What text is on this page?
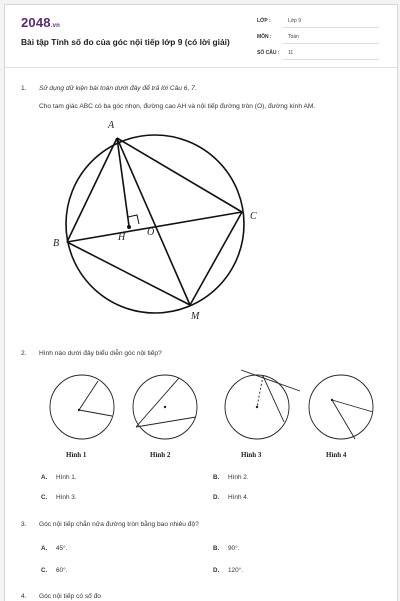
2048.vn
Bài tập Tính số đo của góc nội tiếp lớp 9 (có lời giải)
LỚP :	Lớp 9
MÔN :	Toán
SỐ CÂU : 11
1. Sử dụng dữ kiện bài toán dưới đây để trả lời Câu 6, 7.
Cho tam giác ABC có ba góc nhọn, đường cao AH và nội tiếp đường tròn (O), đường kính AM.
A
B
C
H O
M
2. Hình nào dưới đây biểu diễn góc nội tiếp?
Hình 1	Hình 2	Hình 3	Hình 4
A. Hình 1.	B. Hình 2.
C. Hình 3.	D. Hình 4.
3. Góc nội tiếp chắn nửa đường tròn bằng bao nhiêu độ?
A. 45°.	B. 90°.
C. 60°.	D. 120°.
4. Góc nội tiếp có số đo
